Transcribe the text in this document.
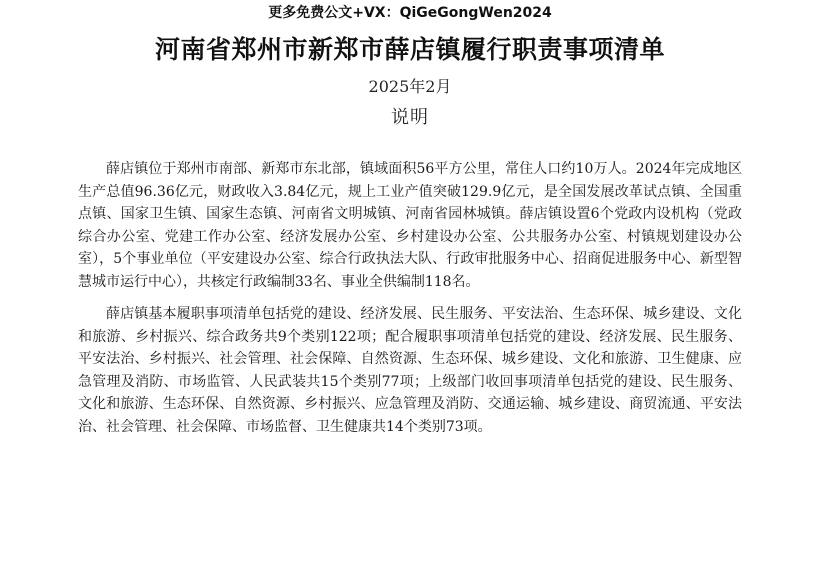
更多免费公文+VX：QiGeGongWen2024
河南省郑州市新郑市薛店镇履行职责事项清单
2025年2月
说明

薛店镇位于郑州市南部、新郑市东北部，镇域面积56平方公里，常住人口约10万人。2024年完成地区生产总值96.36亿元，财政收入3.84亿元，规上工业产值突破129.9亿元，是全国发展改革试点镇、全国重点镇、国家卫生镇、国家生态镇、河南省文明城镇、河南省园林城镇。薛店镇设置6个党政内设机构（党政综合办公室、党建工作办公室、经济发展办公室、乡村建设办公室、公共服务办公室、村镇规划建设办公室），5个事业单位（平安建设办公室、综合行政执法大队、行政审批服务中心、招商促进服务中心、新型智慧城市运行中心），共核定行政编制33名、事业全供编制118名。

薛店镇基本履职事项清单包括党的建设、经济发展、民生服务、平安法治、生态环保、城乡建设、文化和旅游、乡村振兴、综合政务共9个类别122项；配合履职事项清单包括党的建设、经济发展、民生服务、平安法治、乡村振兴、社会管理、社会保障、自然资源、生态环保、城乡建设、文化和旅游、卫生健康、应急管理及消防、市场监管、人民武装共15个类别77项；上级部门收回事项清单包括党的建设、民生服务、文化和旅游、生态环保、自然资源、乡村振兴、应急管理及消防、交通运输、城乡建设、商贸流通、平安法治、社会管理、社会保障、市场监督、卫生健康共14个类别73项。
